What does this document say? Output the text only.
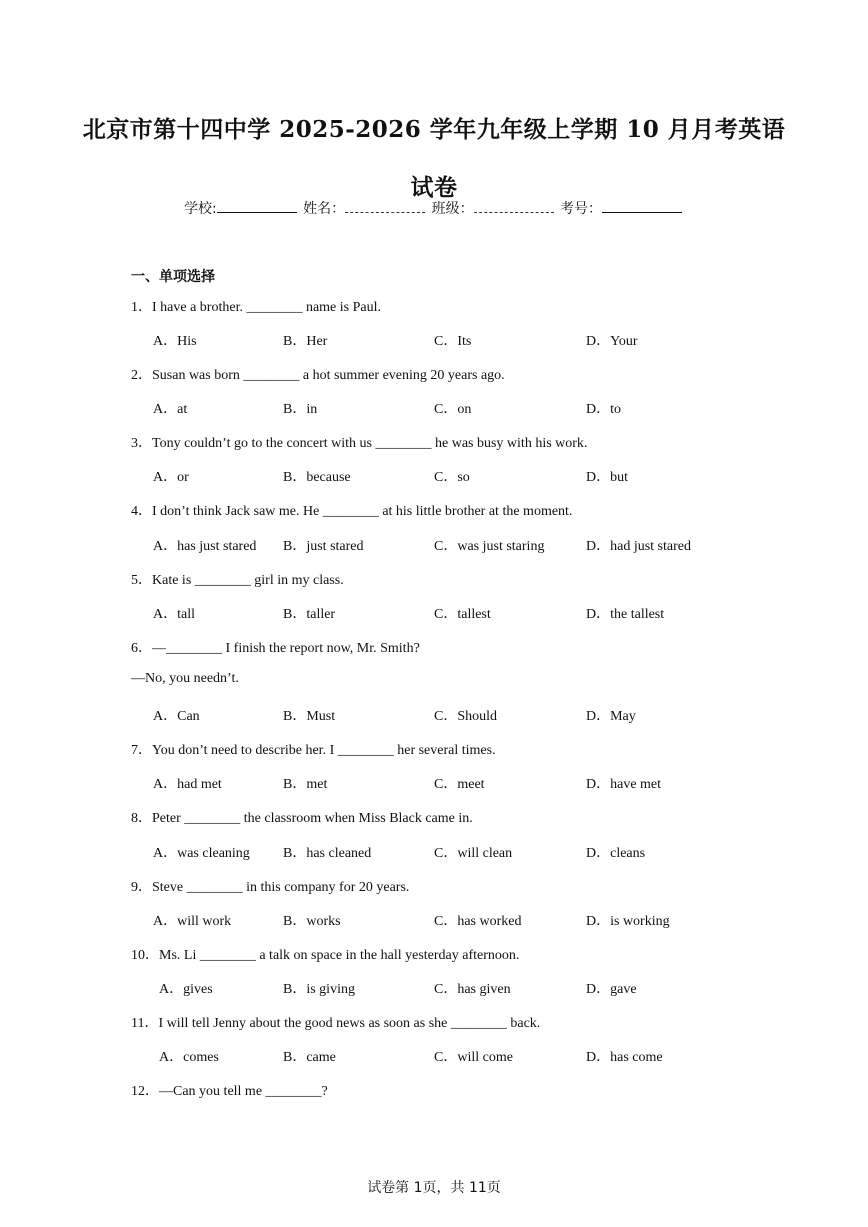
北京市第十四中学 2025-2026 学年九年级上学期 10 月月考英语
试卷
学校:	姓名：	班级：	考号：
一、单项选择
1．I have a brother. ________ name is Paul.
A．His	B．Her	C．Its	D．Your
2．Susan was born ________ a hot summer evening 20 years ago.
A．at	B．in	C．on	D．to
3．Tony couldn’t go to the concert with us ________ he was busy with his work.
A．or	B．because	C．so	D．but
4．I don’t think Jack saw me. He ________ at his little brother at the moment.
A．has just stared B．just stared	C．was just staring	D．had just stared
5．Kate is ________ girl in my class.
A．tall	B．taller	C．tallest	D．the tallest
6．—________ I finish the report now, Mr. Smith?
—No, you needn’t.
A．Can	B．Must	C．Should	D．May
7．You don’t need to describe her. I ________ her several times.
A．had met	B．met	C．meet	D．have met
8．Peter ________ the classroom when Miss Black came in.
A．was cleaning B．has cleaned	C．will clean	D．cleans
9．Steve ________ in this company for 20 years.
A．will work	B．works	C．has worked	D．is working
10．Ms. Li ________ a talk on space in the hall yesterday afternoon.
A．gives	B．is giving	C．has given	D．gave
11．I will tell Jenny about the good news as soon as she ________ back.
A．comes	B．came	C．will come	D．has come
12．—Can you tell me ________?
试卷第 1页，共 11页
